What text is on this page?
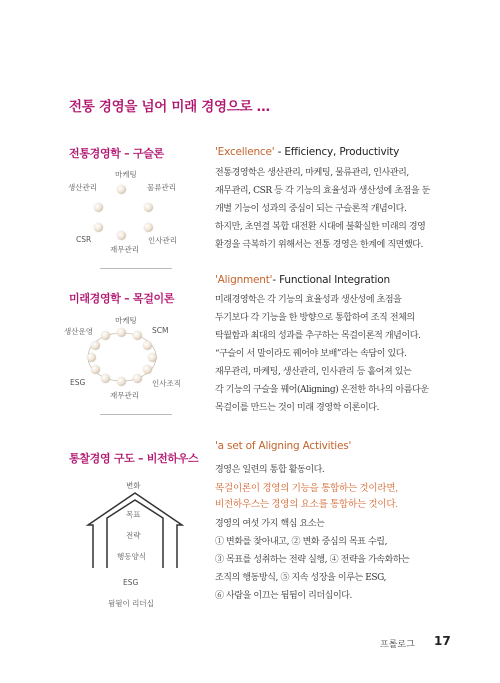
전통 경영을 넘어 미래 경영으로 …
전통경영학 – 구슬론
마케팅
생산관리	물류관리
CSR	인사관리
재무관리
미래경영학 – 목걸이론
마케팅
생산운영	SCM
ESG	인사조직
재무관리
통찰경영 구도 – 비전하우스
변화
목표
전략
행동양식
ESG
뒴뒴이 리더십
'Excellence' - Efficiency, Productivity
전통경영학은 생산관리, 마케팅, 물류관리, 인사관리,
재무관리, CSR 등 각 기능의 효율성과 생산성에 초점을 둔
개별 기능이 성과의 중심이 되는 구슬론적 개념이다.
하지만, 초연결 복합 대전환 시대에 불확실한 미래의 경영
환경을 극복하기 위해서는 전통 경영은 한계에 직면했다.
'Alignment'- Functional Integration
미래경영학은 각 기능의 효율성과 생산성에 초점을
두기보다 각 기능을 한 방향으로 통합하여 조직 전체의
탁월함과 최대의 성과를 추구하는 목걸이론적 개념이다.
“구슬이 서 말이라도 꿰어야 보배”라는 속담이 있다.
재무관리, 마케팅, 생산관리, 인사관리 등 흩어져 있는
각 기능의 구슬을 꿰어(Aligning) 온전한 하나의 아름다운
목걸이를 만드는 것이 미래 경영학 이론이다.
'a set of Aligning Activities'
경영은 일련의 통합 활동이다.
목걸이론이 경영의 기능을 통합하는 것이라면,
비전하우스는 경영의 요소를 통합하는 것이다.
경영의 여섯 가지 핵심 요소는
① 변화를 찾아내고, ② 변화 중심의 목표 수립,
③ 목표를 성취하는 전략 실행, ④ 전략을 가속화하는
조직의 행동방식, ⑤ 지속 성장을 이루는 ESG,
⑥ 사람을 이끄는 뒴뒴이 리더십이다.
프롤로그 17
